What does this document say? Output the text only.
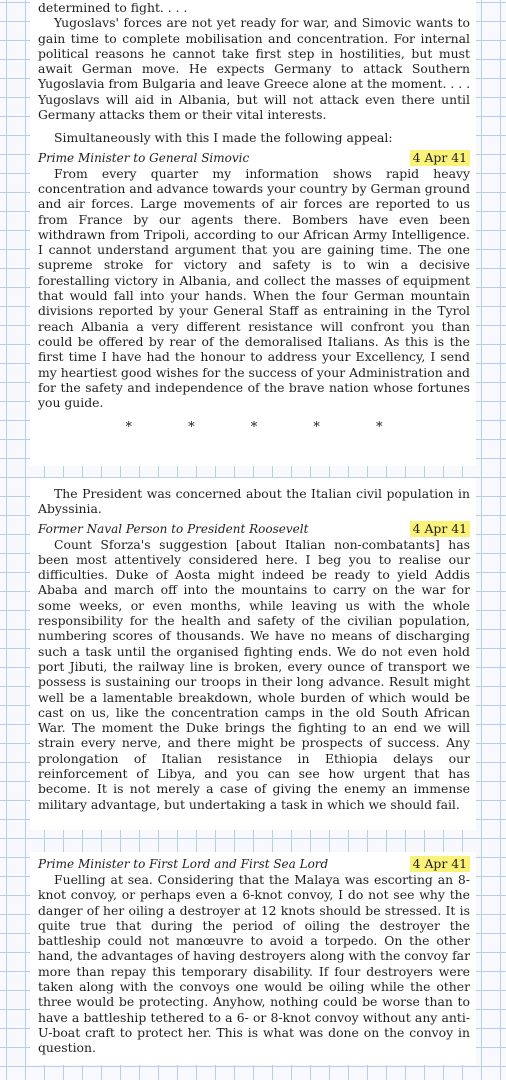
determined to fight. . . .

Yugoslavs' forces are not yet ready for war, and Simovic wants to gain time to complete mobilisation and concentration. For internal political reasons he cannot take first step in hostilities, but must await German move. He expects Germany to attack Southern Yugoslavia from Bulgaria and leave Greece alone at the moment. . . . Yugoslavs will aid in Albania, but will not attack even there until Germany attacks them or their vital interests.

Simultaneously with this I made the following appeal:

Prime Minister to General Simovic	4 Apr 41

From every quarter my information shows rapid heavy concentration and advance towards your country by German ground and air forces. Large movements of air forces are reported to us from France by our agents there. Bombers have even been withdrawn from Tripoli, according to our African Army Intelligence. I cannot understand argument that you are gaining time. The one supreme stroke for victory and safety is to win a decisive forestalling victory in Albania, and collect the masses of equipment that would fall into your hands. When the four German mountain divisions reported by your General Staff as entraining in the Tyrol reach Albania a very different resistance will confront you than could be offered by rear of the demoralised Italians. As this is the first time I have had the honour to address your Excellency, I send my heartiest good wishes for the success of your Administration and for the safety and independence of the brave nation whose fortunes you guide.

* * * * *

The President was concerned about the Italian civil population in Abyssinia.

Former Naval Person to President Roosevelt	4 Apr 41

Count Sforza's suggestion [about Italian non-combatants] has been most attentively considered here. I beg you to realise our difficulties. Duke of Aosta might indeed be ready to yield Addis Ababa and march off into the mountains to carry on the war for some weeks, or even months, while leaving us with the whole responsibility for the health and safety of the civilian population, numbering scores of thousands. We have no means of discharging such a task until the organised fighting ends. We do not even hold port Jibuti, the railway line is broken, every ounce of transport we possess is sustaining our troops in their long advance. Result might well be a lamentable breakdown, whole burden of which would be cast on us, like the concentration camps in the old South African War. The moment the Duke brings the fighting to an end we will strain every nerve, and there might be prospects of success. Any prolongation of Italian resistance in Ethiopia delays our reinforcement of Libya, and you can see how urgent that has become. It is not merely a case of giving the enemy an immense military advantage, but undertaking a task in which we should fail.

Prime Minister to First Lord and First Sea Lord	4 Apr 41

Fuelling at sea. Considering that the Malaya was escorting an 8-knot convoy, or perhaps even a 6-knot convoy, I do not see why the danger of her oiling a destroyer at 12 knots should be stressed. It is quite true that during the period of oiling the destroyer the battleship could not manœuvre to avoid a torpedo. On the other hand, the advantages of having destroyers along with the convoy far more than repay this temporary disability. If four destroyers were taken along with the convoys one would be oiling while the other three would be protecting. Anyhow, nothing could be worse than to have a battleship tethered to a 6- or 8-knot convoy without any anti-U-boat craft to protect her. This is what was done on the convoy in question.
